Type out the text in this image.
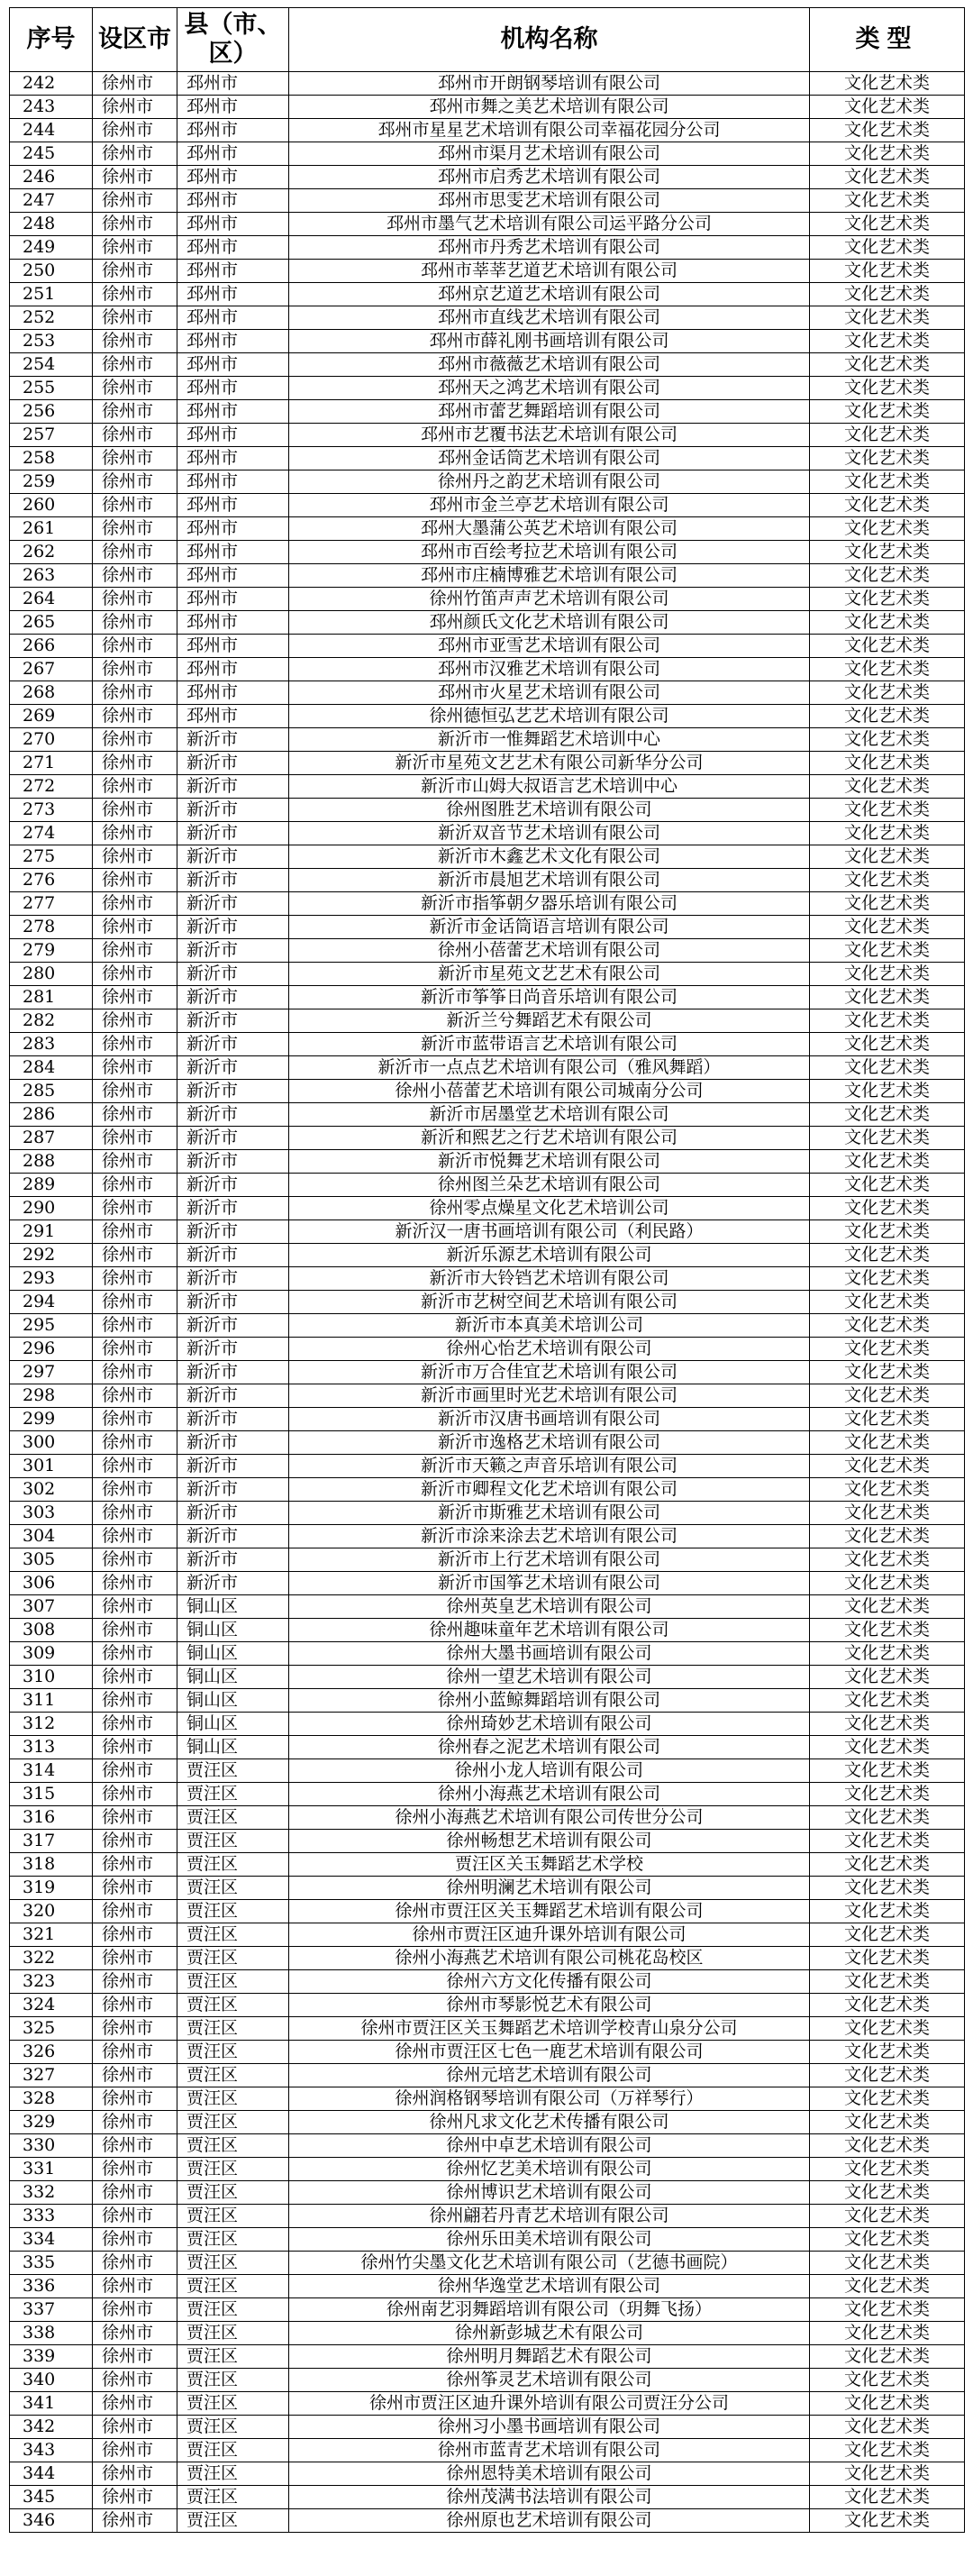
序号	设区市	县（市、区）	机构名称	类型
242	徐州市	邳州市	邳州市开朗钢琴培训有限公司	文化艺术类
243	徐州市	邳州市	邳州市舞之美艺术培训有限公司	文化艺术类
244	徐州市	邳州市	邳州市星星艺术培训有限公司幸福花园分公司	文化艺术类
245	徐州市	邳州市	邳州市渠月艺术培训有限公司	文化艺术类
246	徐州市	邳州市	邳州市启秀艺术培训有限公司	文化艺术类
247	徐州市	邳州市	邳州市思雯艺术培训有限公司	文化艺术类
248	徐州市	邳州市	邳州市墨气艺术培训有限公司运平路分公司	文化艺术类
249	徐州市	邳州市	邳州市丹秀艺术培训有限公司	文化艺术类
250	徐州市	邳州市	邳州市莘莘艺道艺术培训有限公司	文化艺术类
251	徐州市	邳州市	邳州京艺道艺术培训有限公司	文化艺术类
252	徐州市	邳州市	邳州市直线艺术培训有限公司	文化艺术类
253	徐州市	邳州市	邳州市薛礼刚书画培训有限公司	文化艺术类
254	徐州市	邳州市	邳州市薇薇艺术培训有限公司	文化艺术类
255	徐州市	邳州市	邳州天之鸿艺术培训有限公司	文化艺术类
256	徐州市	邳州市	邳州市蕾艺舞蹈培训有限公司	文化艺术类
257	徐州市	邳州市	邳州市艺覆书法艺术培训有限公司	文化艺术类
258	徐州市	邳州市	邳州金话筒艺术培训有限公司	文化艺术类
259	徐州市	邳州市	徐州丹之韵艺术培训有限公司	文化艺术类
260	徐州市	邳州市	邳州市金兰亭艺术培训有限公司	文化艺术类
261	徐州市	邳州市	邳州大墨蒲公英艺术培训有限公司	文化艺术类
262	徐州市	邳州市	邳州市百绘考拉艺术培训有限公司	文化艺术类
263	徐州市	邳州市	邳州市庄楠博雅艺术培训有限公司	文化艺术类
264	徐州市	邳州市	徐州竹笛声声艺术培训有限公司	文化艺术类
265	徐州市	邳州市	邳州颜氏文化艺术培训有限公司	文化艺术类
266	徐州市	邳州市	邳州市亚雪艺术培训有限公司	文化艺术类
267	徐州市	邳州市	邳州市汉雅艺术培训有限公司	文化艺术类
268	徐州市	邳州市	邳州市火星艺术培训有限公司	文化艺术类
269	徐州市	邳州市	徐州德恒弘艺艺术培训有限公司	文化艺术类
270	徐州市	新沂市	新沂市一惟舞蹈艺术培训中心	文化艺术类
271	徐州市	新沂市	新沂市星苑文艺艺术有限公司新华分公司	文化艺术类
272	徐州市	新沂市	新沂市山姆大叔语言艺术培训中心	文化艺术类
273	徐州市	新沂市	徐州图胜艺术培训有限公司	文化艺术类
274	徐州市	新沂市	新沂双音节艺术培训有限公司	文化艺术类
275	徐州市	新沂市	新沂市木鑫艺术文化有限公司	文化艺术类
276	徐州市	新沂市	新沂市晨旭艺术培训有限公司	文化艺术类
277	徐州市	新沂市	新沂市指筝朝夕器乐培训有限公司	文化艺术类
278	徐州市	新沂市	新沂市金话筒语言培训有限公司	文化艺术类
279	徐州市	新沂市	徐州小蓓蕾艺术培训有限公司	文化艺术类
280	徐州市	新沂市	新沂市星苑文艺艺术有限公司	文化艺术类
281	徐州市	新沂市	新沂市筝筝日尚音乐培训有限公司	文化艺术类
282	徐州市	新沂市	新沂兰兮舞蹈艺术有限公司	文化艺术类
283	徐州市	新沂市	新沂市蓝带语言艺术培训有限公司	文化艺术类
284	徐州市	新沂市	新沂市一点点艺术培训有限公司（雅风舞蹈）	文化艺术类
285	徐州市	新沂市	徐州小蓓蕾艺术培训有限公司城南分公司	文化艺术类
286	徐州市	新沂市	新沂市居墨堂艺术培训有限公司	文化艺术类
287	徐州市	新沂市	新沂和熙艺之行艺术培训有限公司	文化艺术类
288	徐州市	新沂市	新沂市悦舞艺术培训有限公司	文化艺术类
289	徐州市	新沂市	徐州图兰朵艺术培训有限公司	文化艺术类
290	徐州市	新沂市	徐州零点燥星文化艺术培训公司	文化艺术类
291	徐州市	新沂市	新沂汉一唐书画培训有限公司（利民路）	文化艺术类
292	徐州市	新沂市	新沂乐源艺术培训有限公司	文化艺术类
293	徐州市	新沂市	新沂市大铃铛艺术培训有限公司	文化艺术类
294	徐州市	新沂市	新沂市艺树空间艺术培训有限公司	文化艺术类
295	徐州市	新沂市	新沂市本真美术培训公司	文化艺术类
296	徐州市	新沂市	徐州心怡艺术培训有限公司	文化艺术类
297	徐州市	新沂市	新沂市万合佳宜艺术培训有限公司	文化艺术类
298	徐州市	新沂市	新沂市画里时光艺术培训有限公司	文化艺术类
299	徐州市	新沂市	新沂市汉唐书画培训有限公司	文化艺术类
300	徐州市	新沂市	新沂市逸格艺术培训有限公司	文化艺术类
301	徐州市	新沂市	新沂市天籁之声音乐培训有限公司	文化艺术类
302	徐州市	新沂市	新沂市卿程文化艺术培训有限公司	文化艺术类
303	徐州市	新沂市	新沂市斯雅艺术培训有限公司	文化艺术类
304	徐州市	新沂市	新沂市涂来涂去艺术培训有限公司	文化艺术类
305	徐州市	新沂市	新沂市上行艺术培训有限公司	文化艺术类
306	徐州市	新沂市	新沂市国筝艺术培训有限公司	文化艺术类
307	徐州市	铜山区	徐州英皇艺术培训有限公司	文化艺术类
308	徐州市	铜山区	徐州趣味童年艺术培训有限公司	文化艺术类
309	徐州市	铜山区	徐州大墨书画培训有限公司	文化艺术类
310	徐州市	铜山区	徐州一望艺术培训有限公司	文化艺术类
311	徐州市	铜山区	徐州小蓝鲸舞蹈培训有限公司	文化艺术类
312	徐州市	铜山区	徐州琦妙艺术培训有限公司	文化艺术类
313	徐州市	铜山区	徐州春之泥艺术培训有限公司	文化艺术类
314	徐州市	贾汪区	徐州小龙人培训有限公司	文化艺术类
315	徐州市	贾汪区	徐州小海燕艺术培训有限公司	文化艺术类
316	徐州市	贾汪区	徐州小海燕艺术培训有限公司传世分公司	文化艺术类
317	徐州市	贾汪区	徐州畅想艺术培训有限公司	文化艺术类
318	徐州市	贾汪区	贾汪区关玉舞蹈艺术学校	文化艺术类
319	徐州市	贾汪区	徐州明澜艺术培训有限公司	文化艺术类
320	徐州市	贾汪区	徐州市贾汪区关玉舞蹈艺术培训有限公司	文化艺术类
321	徐州市	贾汪区	徐州市贾汪区迪升课外培训有限公司	文化艺术类
322	徐州市	贾汪区	徐州小海燕艺术培训有限公司桃花岛校区	文化艺术类
323	徐州市	贾汪区	徐州六方文化传播有限公司	文化艺术类
324	徐州市	贾汪区	徐州市琴影悦艺术有限公司	文化艺术类
325	徐州市	贾汪区	徐州市贾汪区关玉舞蹈艺术培训学校青山泉分公司	文化艺术类
326	徐州市	贾汪区	徐州市贾汪区七色一鹿艺术培训有限公司	文化艺术类
327	徐州市	贾汪区	徐州元培艺术培训有限公司	文化艺术类
328	徐州市	贾汪区	徐州润格钢琴培训有限公司（万祥琴行）	文化艺术类
329	徐州市	贾汪区	徐州凡求文化艺术传播有限公司	文化艺术类
330	徐州市	贾汪区	徐州中卓艺术培训有限公司	文化艺术类
331	徐州市	贾汪区	徐州忆艺美术培训有限公司	文化艺术类
332	徐州市	贾汪区	徐州博识艺术培训有限公司	文化艺术类
333	徐州市	贾汪区	徐州翩若丹青艺术培训有限公司	文化艺术类
334	徐州市	贾汪区	徐州乐田美术培训有限公司	文化艺术类
335	徐州市	贾汪区	徐州竹尖墨文化艺术培训有限公司（艺德书画院）	文化艺术类
336	徐州市	贾汪区	徐州华逸堂艺术培训有限公司	文化艺术类
337	徐州市	贾汪区	徐州南艺羽舞蹈培训有限公司（玥舞飞扬）	文化艺术类
338	徐州市	贾汪区	徐州新彭城艺术有限公司	文化艺术类
339	徐州市	贾汪区	徐州明月舞蹈艺术有限公司	文化艺术类
340	徐州市	贾汪区	徐州筝灵艺术培训有限公司	文化艺术类
341	徐州市	贾汪区	徐州市贾汪区迪升课外培训有限公司贾汪分公司	文化艺术类
342	徐州市	贾汪区	徐州习小墨书画培训有限公司	文化艺术类
343	徐州市	贾汪区	徐州市蓝青艺术培训有限公司	文化艺术类
344	徐州市	贾汪区	徐州恩特美术培训有限公司	文化艺术类
345	徐州市	贾汪区	徐州茂满书法培训有限公司	文化艺术类
346	徐州市	贾汪区	徐州原也艺术培训有限公司	文化艺术类
